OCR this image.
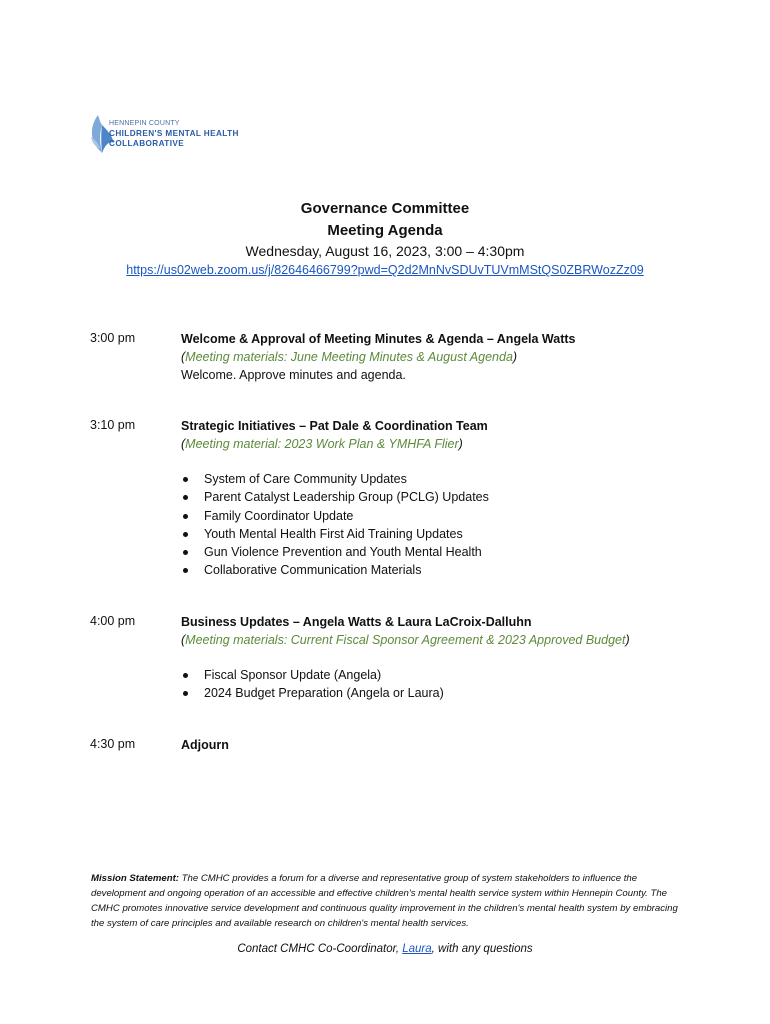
HENNEPIN COUNTY
CHILDREN'S MENTAL HEALTH
COLLABORATIVE
Governance Committee
Meeting Agenda
Wednesday, August 16, 2023, 3:00 – 4:30pm
https://us02web.zoom.us/j/82646466799?pwd=Q2d2MnNvSDUvTUVmMStQS0ZBRWozZz09
3:00 pm	Welcome & Approval of Meeting Minutes & Agenda – Angela Watts
(Meeting materials: June Meeting Minutes & August Agenda)
Welcome. Approve minutes and agenda.
3:10 pm	Strategic Initiatives – Pat Dale & Coordination Team
(Meeting material: 2023 Work Plan & YMHFA Flier)
System of Care Community Updates
Parent Catalyst Leadership Group (PCLG) Updates
Family Coordinator Update
Youth Mental Health First Aid Training Updates
Gun Violence Prevention and Youth Mental Health
Collaborative Communication Materials
4:00 pm	Business Updates – Angela Watts & Laura LaCroix-Dalluhn
(Meeting materials: Current Fiscal Sponsor Agreement & 2023 Approved Budget)
Fiscal Sponsor Update (Angela)
2024 Budget Preparation (Angela or Laura)
4:30 pm	Adjourn
Mission Statement: The CMHC provides a forum for a diverse and representative group of system stakeholders to influence the development and ongoing operation of an accessible and effective children's mental health service system within Hennepin County. The CMHC promotes innovative service development and continuous quality improvement in the children's mental health system by embracing the system of care principles and available research on children's mental health services.
Contact CMHC Co-Coordinator, Laura, with any questions
